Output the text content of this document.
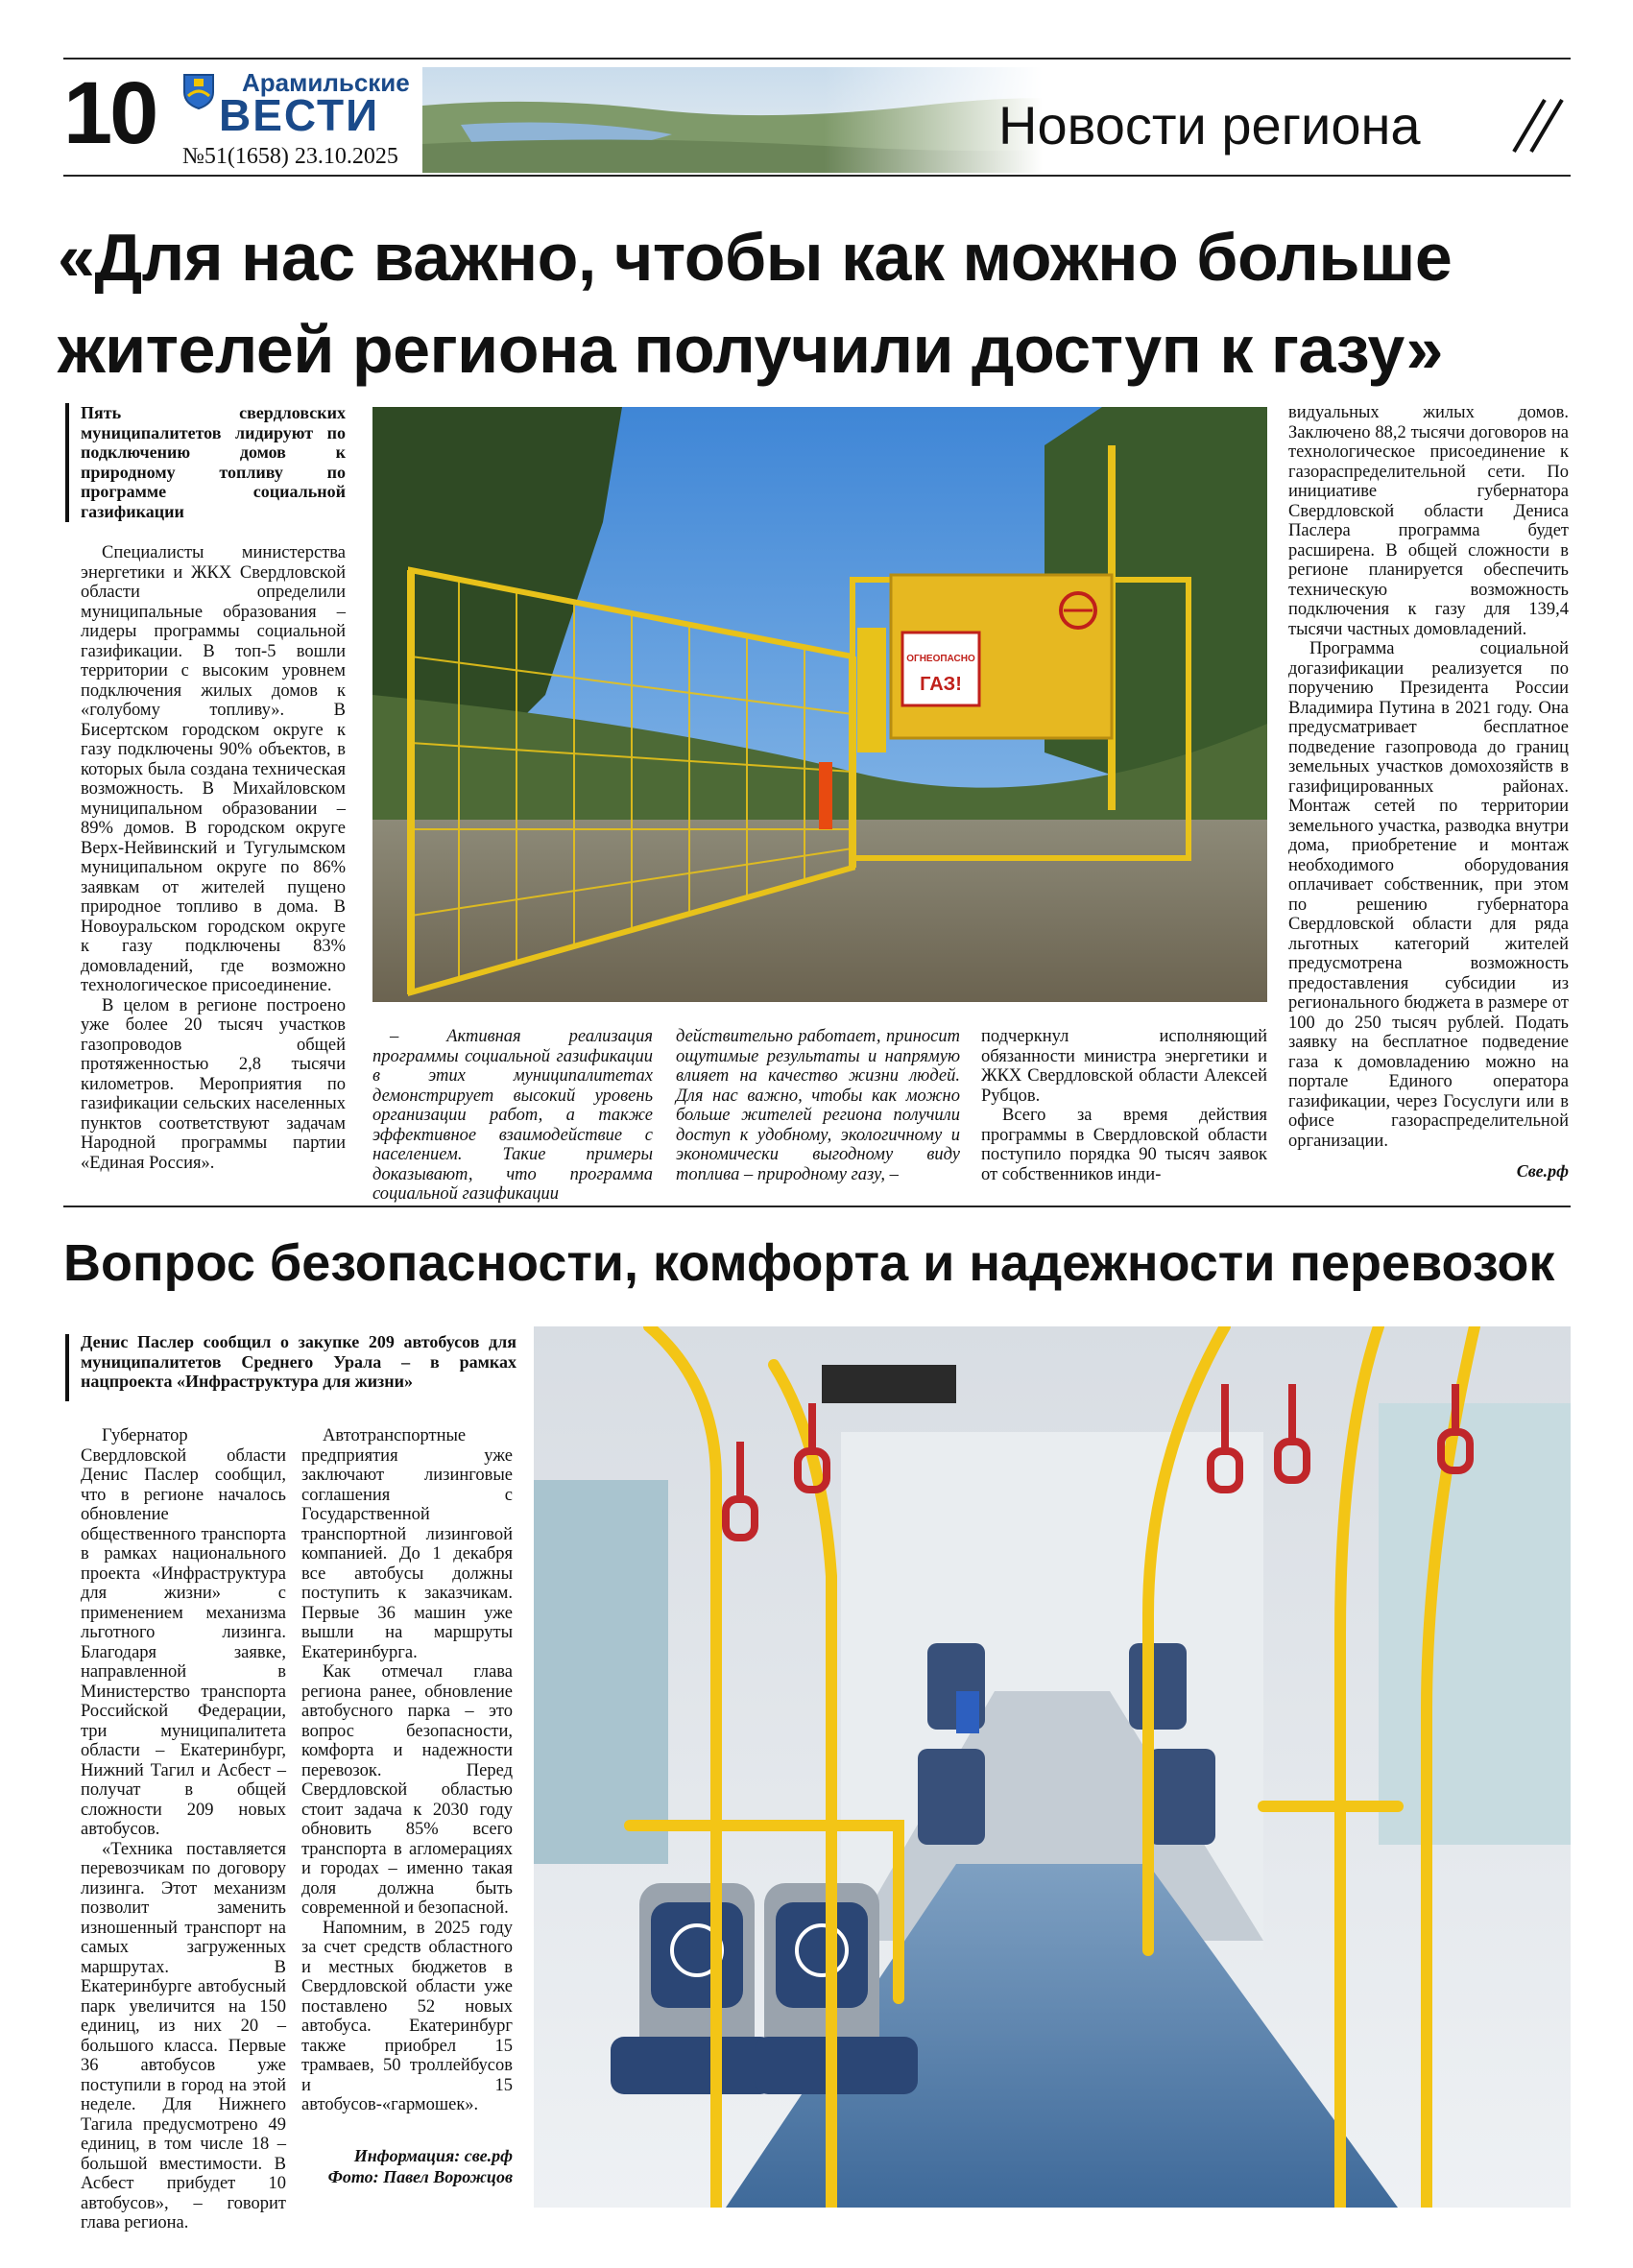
10	Арамильские
ВЕСТИ
№51(1658) 23.10.2025
Новости региона
«Для нас важно, чтобы как можно больше жителей региона получили доступ к газу»
Пять свердловских муниципалитетов лидируют по подключению домов к природному топливу по программе социальной газификации

Специалисты министерства энергетики и ЖКХ Свердловской области определили муниципальные образования – лидеры программы социальной газификации. В топ-5 вошли территории с высоким уровнем подключения жилых домов к «голубому топливу». В Бисертском городском округе к газу подключены 90% объектов, в которых была создана техническая возможность. В Михайловском муниципальном образовании – 89% домов. В городском округе Верх-Нейвинский и Тугулымском муниципальном округе по 86% заявкам от жителей пущено природное топливо в дома. В Новоуральском городском округе к газу подключены 83% домовладений, где возможно технологическое присоединение.

В целом в регионе построено уже более 20 тысяч участков газопроводов общей протяженностью 2,8 тысячи километров. Мероприятия по газификации сельских населенных пунктов соответствуют задачам Народной программы партии «Единая Россия».

ОГНЕОПАСНО
ГАЗ!

– Активная реализация программы социальной газификации в этих муниципалитетах демонстрирует высокий уровень организации работ, а также эффективное взаимодействие с населением. Такие примеры доказывают, что программа социальной газификации

действительно работает, приносит ощутимые результаты и напрямую влияет на качество жизни людей. Для нас важно, чтобы как можно больше жителей региона получили доступ к удобному, экологичному и экономически выгодному виду топлива – природному газу, –

подчеркнул исполняющий обязанности министра энергетики и ЖКХ Свердловской области Алексей Рубцов.

Всего за время действия программы в Свердловской области поступило порядка 90 тысяч заявок от собственников инди-

видуальных жилых домов. Заключено 88,2 тысячи договоров на технологическое присоединение к газораспределительной сети. По инициативе губернатора Свердловской области Дениса Паслера программа будет расширена. В общей сложности в регионе планируется обеспечить техническую возможность подключения к газу для 139,4 тысячи частных домовладений.

Программа социальной догазификации реализуется по поручению Президента России Владимира Путина в 2021 году. Она предусматривает бесплатное подведение газопровода до границ земельных участков домохозяйств в газифицированных районах. Монтаж сетей по территории земельного участка, разводка внутри дома, приобретение и монтаж необходимого оборудования оплачивает собственник, при этом по решению губернатора Свердловской области для ряда льготных категорий жителей предусмотрена возможность предоставления субсидии из регионального бюджета в размере от 100 до 250 тысяч рублей. Подать заявку на бесплатное подведение газа к домовладению можно на портале Единого оператора газификации, через Госуслуги или в офисе газораспределительной организации.

Све.рф
Вопрос безопасности, комфорта и надежности перевозок
Денис Паслер сообщил о закупке 209 автобусов для муниципалитетов Среднего Урала – в рамках нацпроекта «Инфраструктура для жизни»

Губернатор Свердловской области Денис Паслер сообщил, что в регионе началось обновление общественного транспорта в рамках национального проекта «Инфраструктура для жизни» с применением механизма льготного лизинга. Благодаря заявке, направленной в Министерство транспорта Российской Федерации, три муниципалитета области – Екатеринбург, Нижний Тагил и Асбест – получат в общей сложности 209 новых автобусов.

«Техника поставляется перевозчикам по договору лизинга. Этот механизм позволит заменить изношенный транспорт на самых загруженных маршрутах. В Екатеринбурге автобусный парк увеличится на 150 единиц, из них 20 – большого класса. Первые 36 автобусов уже поступили в город на этой неделе. Для Нижнего Тагила предусмотрено 49 единиц, в том числе 18 – большой вместимости. В Асбест прибудет 10 автобусов», – говорит глава региона.

Автотранспортные предприятия уже заключают лизинговые соглашения с Государственной транспортной лизинговой компанией. До 1 декабря все автобусы должны поступить к заказчикам. Первые 36 машин уже вышли на маршруты Екатеринбурга.

Как отмечал глава региона ранее, обновление автобусного парка – это вопрос безопасности, комфорта и надежности перевозок. Перед Свердловской областью стоит задача к 2030 году обновить 85% всего транспорта в агломерациях и городах – именно такая доля должна быть современной и безопасной.

Напомним, в 2025 году за счет средств областного и местных бюджетов в Свердловской области уже поставлено 52 новых автобуса. Екатеринбург также приобрел 15 трамваев, 50 троллейбусов и 15 автобусов-«гармошек».

Информация: све.рф
Фото: Павел Ворожцов
